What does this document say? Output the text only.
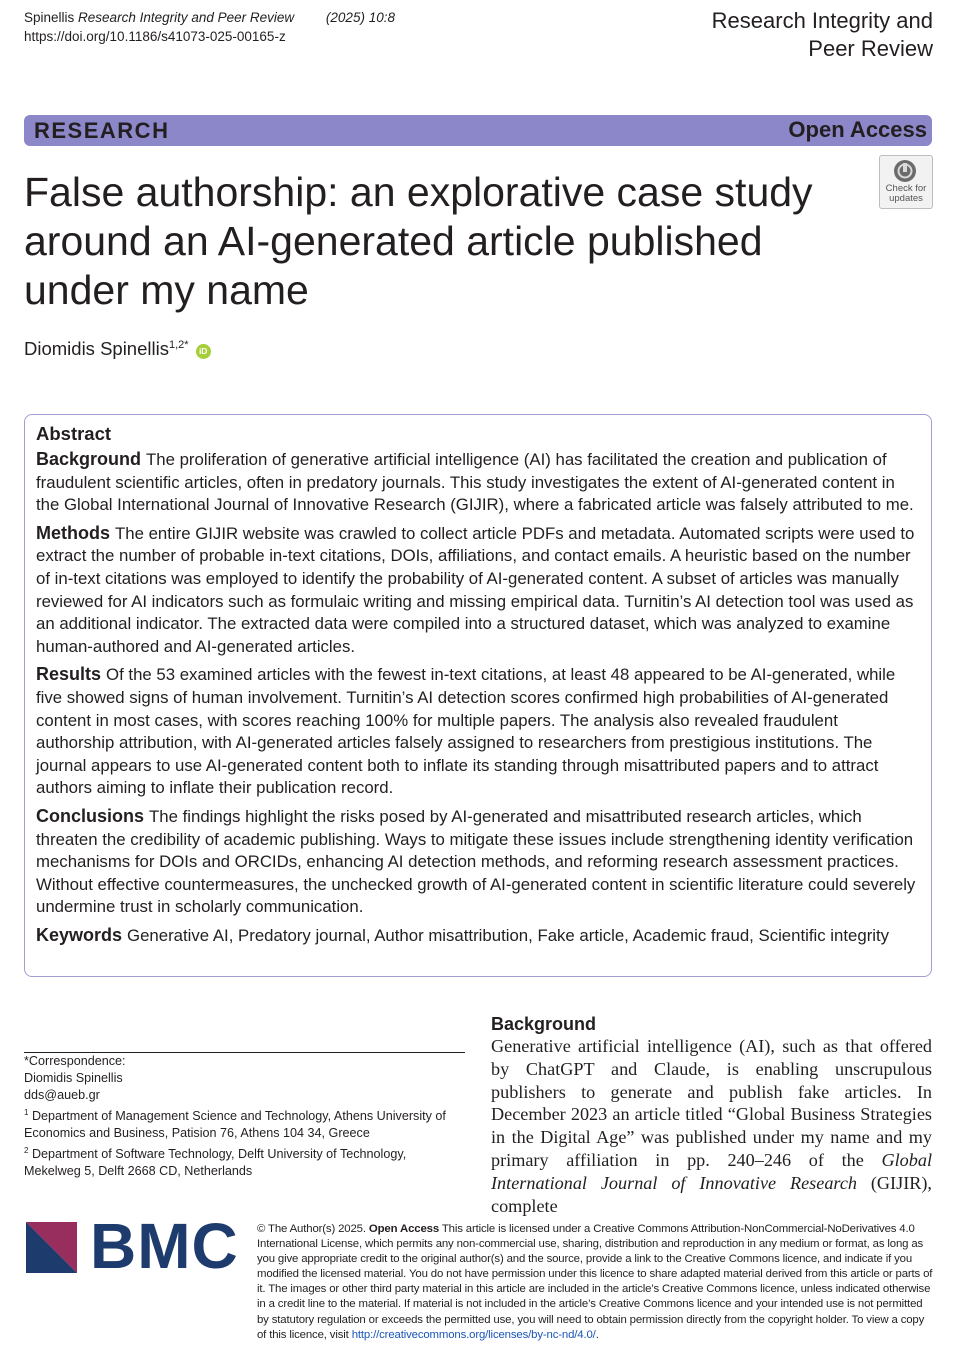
Spinellis Research Integrity and Peer Review (2025) 10:8
https://doi.org/10.1186/s41073-025-00165-z
Research Integrity and
Peer Review
RESEARCH	Open Access
Check for
updates
False authorship: an explorative case study around an AI-generated article published under my name
Diomidis Spinellis$^{1,2*}$ iD
Abstract

Background The proliferation of generative artificial intelligence (AI) has facilitated the creation and publication of fraudulent scientific articles, often in predatory journals. This study investigates the extent of AI-generated content in the Global International Journal of Innovative Research (GIJIR), where a fabricated article was falsely attributed to me.

Methods The entire GIJIR website was crawled to collect article PDFs and metadata. Automated scripts were used to extract the number of probable in-text citations, DOIs, affiliations, and contact emails. A heuristic based on the number of in-text citations was employed to identify the probability of AI-generated content. A subset of articles was manually reviewed for AI indicators such as formulaic writing and missing empirical data. Turnitin’s AI detection tool was used as an additional indicator. The extracted data were compiled into a structured dataset, which was analyzed to examine human-authored and AI-generated articles.

Results Of the 53 examined articles with the fewest in-text citations, at least 48 appeared to be AI-generated, while five showed signs of human involvement. Turnitin’s AI detection scores confirmed high probabilities of AI-generated content in most cases, with scores reaching 100% for multiple papers. The analysis also revealed fraudulent authorship attribution, with AI-generated articles falsely assigned to researchers from prestigious institutions. The journal appears to use AI-generated content both to inflate its standing through misattributed papers and to attract authors aiming to inflate their publication record.

Conclusions The findings highlight the risks posed by AI-generated and misattributed research articles, which threaten the credibility of academic publishing. Ways to mitigate these issues include strengthening identity verification mechanisms for DOIs and ORCIDs, enhancing AI detection methods, and reforming research assessment practices. Without effective countermeasures, the unchecked growth of AI-generated content in scientific literature could severely undermine trust in scholarly communication.

Keywords Generative AI, Predatory journal, Author misattribution, Fake article, Academic fraud, Scientific integrity

*Correspondence:
Diomidis Spinellis
dds@aueb.gr
$^1$ Department of Management Science and Technology, Athens University of Economics and Business, Patision 76, Athens 104 34, Greece
$^2$ Department of Software Technology, Delft University of Technology, Mekelweg 5, Delft 2668 CD, Netherlands
Background
Generative artificial intelligence (AI), such as that offered by ChatGPT and Claude, is enabling unscrupulous publishers to generate and publish fake articles. In December 2023 an article titled “Global Business Strategies in the Digital Age” was published under my name and my primary affiliation in pp. 240–246 of the Global International Journal of Innovative Research (GIJIR), complete
BMC © The Author(s) 2025. Open Access This article is licensed under a Creative Commons Attribution-NonCommercial-NoDerivatives 4.0 International License, which permits any non-commercial use, sharing, distribution and reproduction in any medium or format, as long as you give appropriate credit to the original author(s) and the source, provide a link to the Creative Commons licence, and indicate if you modified the licensed material. You do not have permission under this licence to share adapted material derived from this article or parts of it. The images or other third party material in this article are included in the article’s Creative Commons licence, unless indicated otherwise in a credit line to the material. If material is not included in the article’s Creative Commons licence and your intended use is not permitted by statutory regulation or exceeds the permitted use, you will need to obtain permission directly from the copyright holder. To view a copy of this licence, visit http://creativecommons.org/licenses/by-nc-nd/4.0/.
